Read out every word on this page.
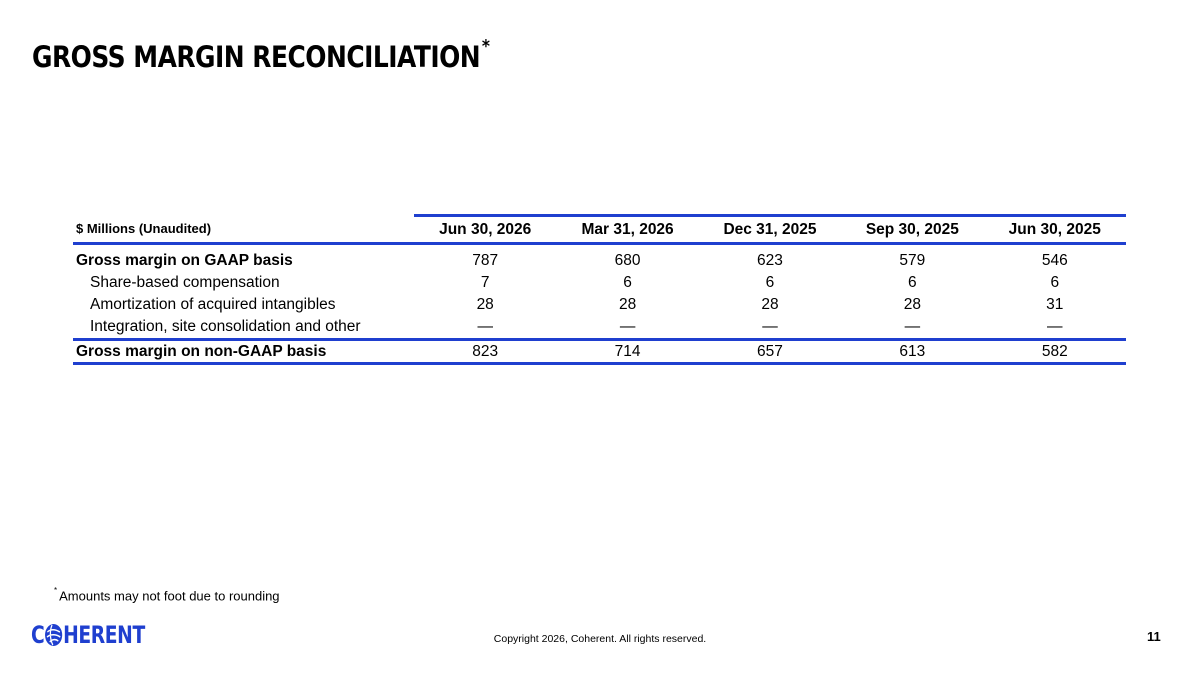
GROSS MARGIN RECONCILIATION*
$ Millions (Unaudited)	Jun 30, 2026	Mar 31, 2026	Dec 31, 2025	Sep 30, 2025	Jun 30, 2025
Gross margin on GAAP basis	787	680	623	579	546
Share-based compensation	7	6	6	6	6
Amortization of acquired intangibles	28	28	28	28	31
Integration, site consolidation and other	—	—	—	—	—
Gross margin on non-GAAP basis	823	714	657	613	582
* Amounts may not foot due to rounding
C HERENT	Copyright 2026, Coherent. All rights reserved.	11
